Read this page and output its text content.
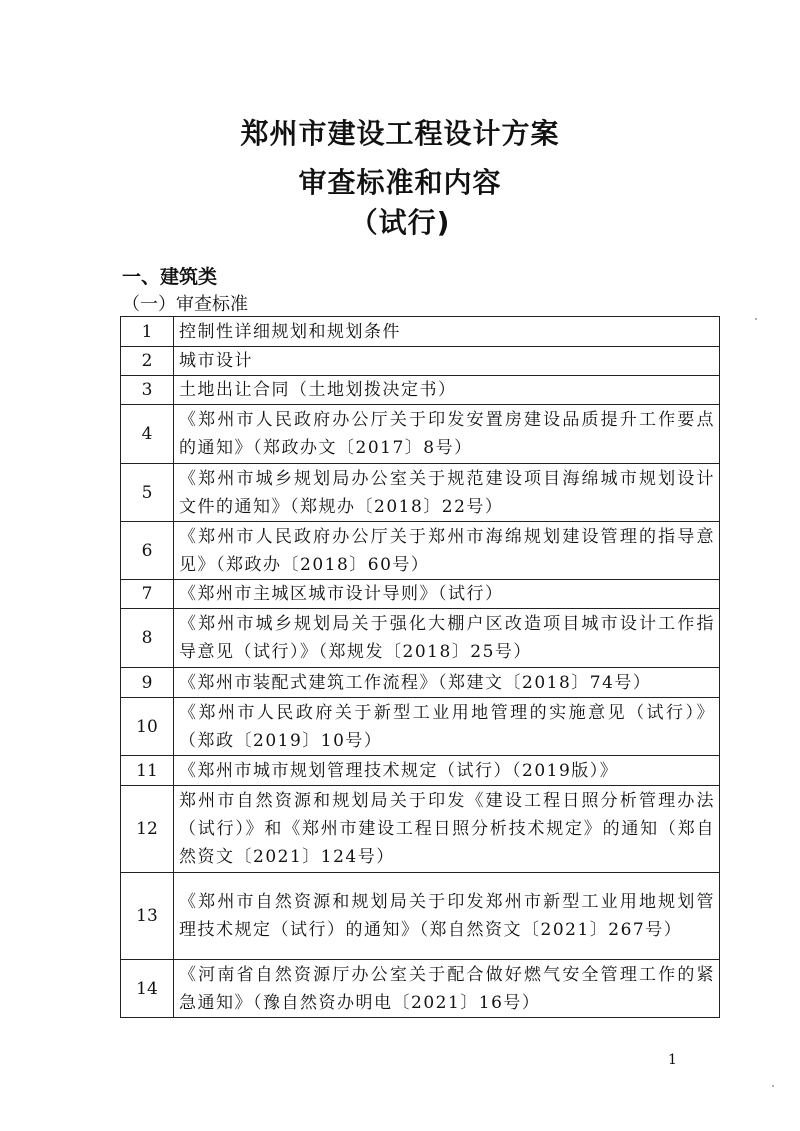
郑州市建设工程设计方案
审查标准和内容
（试行)
一、建筑类
（一）审查标准
1	控制性详细规划和规划条件
2	城市设计
3	土地出让合同（土地划拨决定书）
4	《郑州市人民政府办公厅关于印发安置房建设品质提升工作要点的通知》（郑政办文〔2017〕8号）
5	《郑州市城乡规划局办公室关于规范建设项目海绵城市规划设计文件的通知》（郑规办〔2018〕22号）
6	《郑州市人民政府办公厅关于郑州市海绵规划建设管理的指导意见》（郑政办〔2018〕60号）
7	《郑州市主城区城市设计导则》（试行）
8	《郑州市城乡规划局关于强化大棚户区改造项目城市设计工作指导意见（试行）》（郑规发〔2018〕25号）
9	《郑州市装配式建筑工作流程》（郑建文〔2018〕74号）
10	《郑州市人民政府关于新型工业用地管理的实施意见（试行）》（郑政〔2019〕10号）
11	《郑州市城市规划管理技术规定（试行）（2019版）》
12	郑州市自然资源和规划局关于印发《建设工程日照分析管理办法（试行）》和《郑州市建设工程日照分析技术规定》的通知（郑自然资文〔2021〕124号）
13	《郑州市自然资源和规划局关于印发郑州市新型工业用地规划管理技术规定（试行）的通知》（郑自然资文〔2021〕267号）
14	《河南省自然资源厅办公室关于配合做好燃气安全管理工作的紧急通知》（豫自然资办明电〔2021〕16号）
1
